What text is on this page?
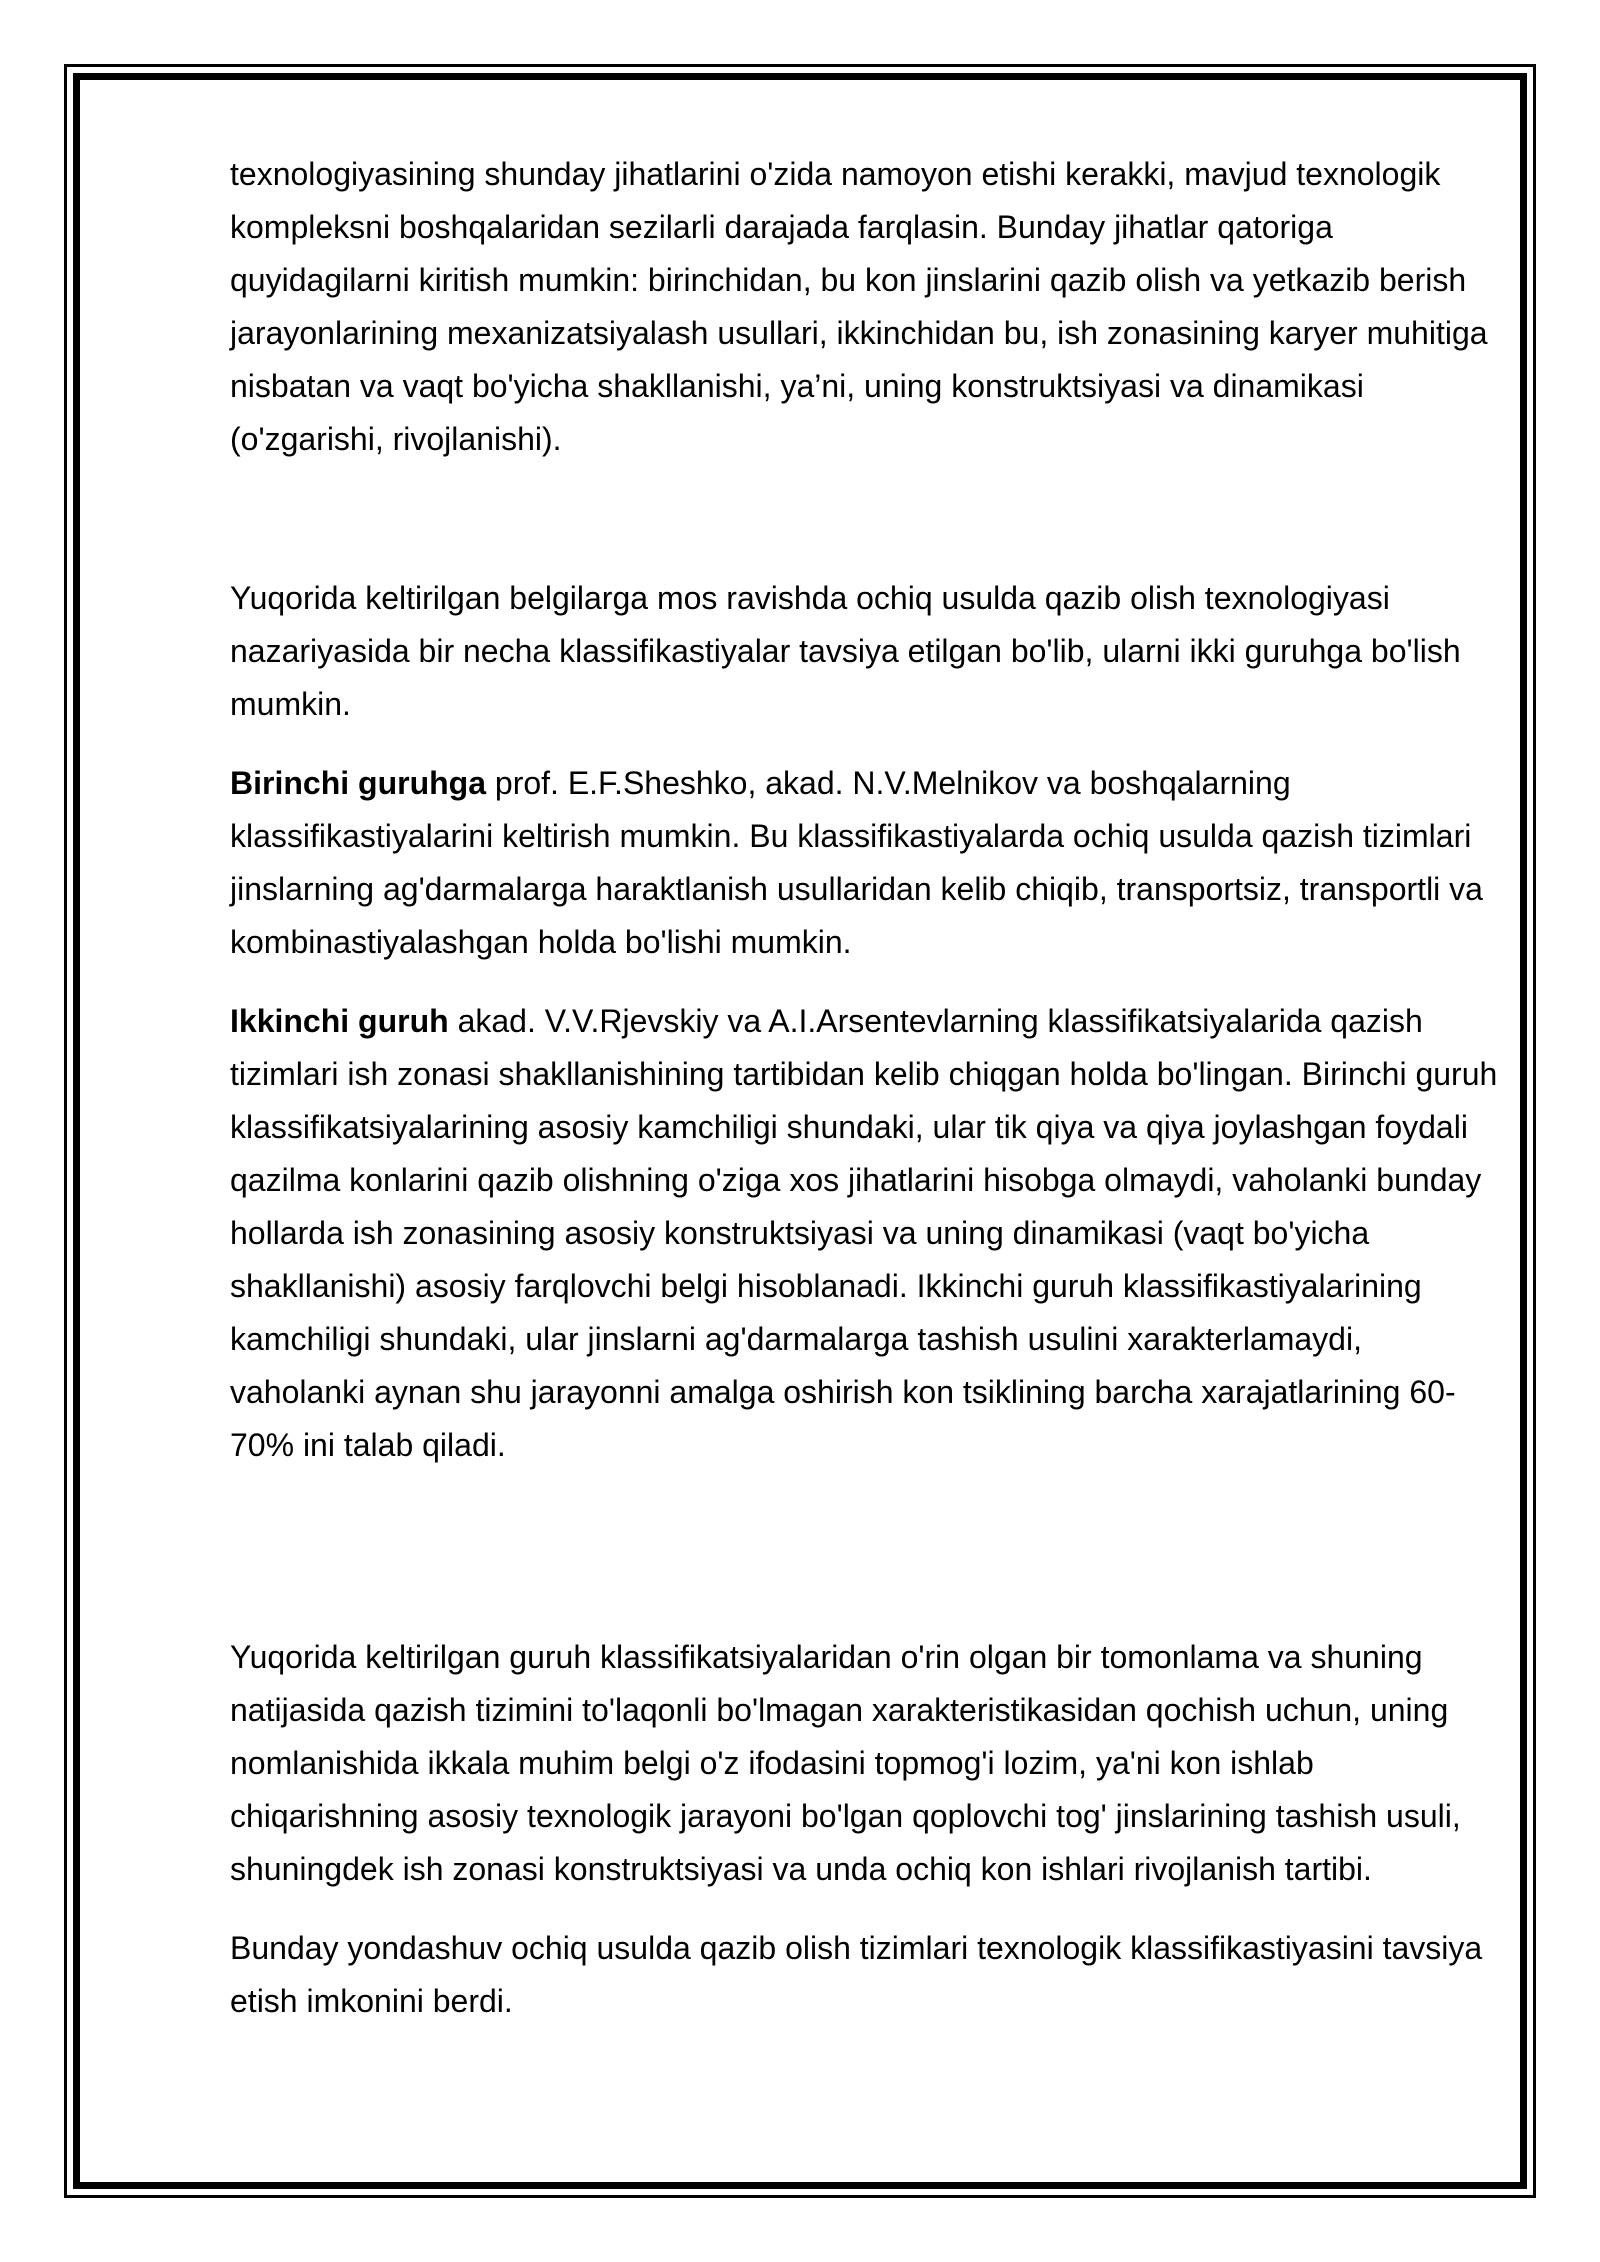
texnologiyasining shunday jihatlarini o'zida namoyon etishi kerakki, mavjud texnologik kompleksni boshqalaridan sezilarli darajada farqlasin. Bunday jihatlar qatoriga quyidagilarni kiritish mumkin: birinchidan, bu kon jinslarini qazib olish va yetkazib berish jarayonlarining mexanizatsiyalash usullari, ikkinchidan bu, ish zonasining karyer muhitiga nisbatan va vaqt bo'yicha shakllanishi, ya’ni, uning konstruktsiyasi va dinamikasi (o'zgarishi, rivojlanishi).

Yuqorida keltirilgan belgilarga mos ravishda ochiq usulda qazib olish texnologiyasi nazariyasida bir necha klassifikastiyalar tavsiya etilgan bo'lib, ularni ikki guruhga bo'lish mumkin.

Birinchi guruhga prof. E.F.Sheshko, akad. N.V.Melnikov va boshqalarning klassifikastiyalarini keltirish mumkin. Bu klassifikastiyalarda ochiq usulda qazish tizimlari jinslarning ag'darmalarga haraktlanish usullaridan kelib chiqib, transportsiz, transportli va kombinastiyalashgan holda bo'lishi mumkin.

Ikkinchi guruh akad. V.V.Rjevskiy va A.I.Arsentevlarning klassifikatsiyalarida qazish tizimlari ish zonasi shakllanishining tartibidan kelib chiqgan holda bo'lingan. Birinchi guruh klassifikatsiyalarining asosiy kamchiligi shundaki, ular tik qiya va qiya joylashgan foydali qazilma konlarini qazib olishning o'ziga xos jihatlarini hisobga olmaydi, vaholanki bunday hollarda ish zonasining asosiy konstruktsiyasi va uning dinamikasi (vaqt bo'yicha shakllanishi) asosiy farqlovchi belgi hisoblanadi. Ikkinchi guruh klassifikastiyalarining kamchiligi shundaki, ular jinslarni ag'darmalarga tashish usulini xarakterlamaydi, vaholanki aynan shu jarayonni amalga oshirish kon tsiklining barcha xarajatlarining 60-70% ini talab qiladi.

Yuqorida keltirilgan guruh klassifikatsiyalaridan o'rin olgan bir tomonlama va shuning natijasida qazish tizimini to'laqonli bo'lmagan xarakteristikasidan qochish uchun, uning nomlanishida ikkala muhim belgi o'z ifodasini topmog'i lozim, ya'ni kon ishlab chiqarishning asosiy texnologik jarayoni bo'lgan qoplovchi tog' jinslarining tashish usuli, shuningdek ish zonasi konstruktsiyasi va unda ochiq kon ishlari rivojlanish tartibi.

Bunday yondashuv ochiq usulda qazib olish tizimlari texnologik klassifikastiyasini tavsiya etish imkonini berdi.
